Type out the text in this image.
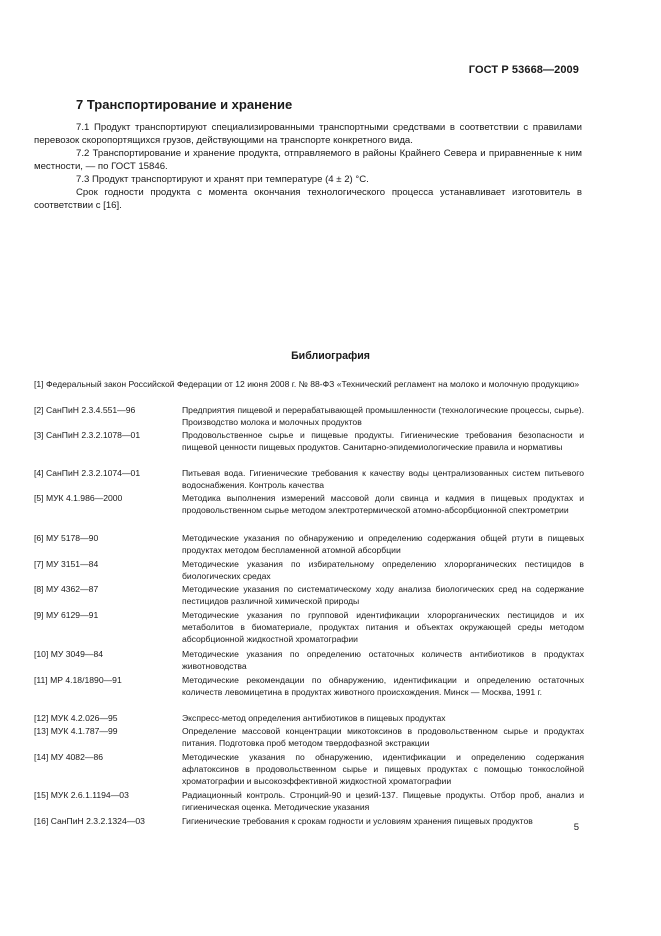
ГОСТ Р 53668—2009
7 Транспортирование и хранение
7.1 Продукт транспортируют специализированными транспортными средствами в соответствии с правилами перевозок скоропортящихся грузов, действующими на транспорте конкретного вида.
7.2 Транспортирование и хранение продукта, отправляемого в районы Крайнего Севера и приравненные к ним местности, — по ГОСТ 15846.
7.3 Продукт транспортируют и хранят при температуре (4 ± 2) °С.
Срок годности продукта с момента окончания технологического процесса устанавливает изготовитель в соответствии с [16].
Библиография
[1] Федеральный закон Российской Федерации от 12 июня 2008 г. № 88-ФЗ «Технический регламент на молоко и молочную продукцию»
[2] СанПиН 2.3.4.551—96	Предприятия пищевой и перерабатывающей промышленности (технологические процессы, сырье). Производство молока и молочных продуктов
[3] СанПиН 2.3.2.1078—01	Продовольственное сырье и пищевые продукты. Гигиенические требования безопасности и пищевой ценности пищевых продуктов. Санитарно-эпидемиологические правила и нормативы
[4] СанПиН 2.3.2.1074—01	Питьевая вода. Гигиенические требования к качеству воды централизованных систем питьевого водоснабжения. Контроль качества
[5] МУК 4.1.986—2000	Методика выполнения измерений массовой доли свинца и кадмия в пищевых продуктах и продовольственном сырье методом электротермической атомно-абсорбционной спектрометрии
[6] МУ 5178—90	Методические указания по обнаружению и определению содержания общей ртути в пищевых продуктах методом беспламенной атомной абсорбции
[7] МУ 3151—84	Методические указания по избирательному определению хлорорганических пестицидов в биологических средах
[8] МУ 4362—87	Методические указания по систематическому ходу анализа биологических сред на содержание пестицидов различной химической природы
[9] МУ 6129—91	Методические указания по групповой идентификации хлорорганических пестицидов и их метаболитов в биоматериале, продуктах питания и объектах окружающей среды методом абсорбционной жидкостной хроматографии
[10] МУ 3049—84	Методические указания по определению остаточных количеств антибиотиков в продуктах животноводства
[11] МР 4.18/1890—91	Методические рекомендации по обнаружению, идентификации и определению остаточных количеств левомицетина в продуктах животного происхождения. Минск — Москва, 1991 г.
[12] МУК 4.2.026—95	Экспресс-метод определения антибиотиков в пищевых продуктах
[13] МУК 4.1.787—99	Определение массовой концентрации микотоксинов в продовольственном сырье и продуктах питания. Подготовка проб методом твердофазной экстракции
[14] МУ 4082—86	Методические указания по обнаружению, идентификации и определению содержания афлатоксинов в продовольственном сырье и пищевых продуктах с помощью тонкослойной хроматографии и высокоэффективной жидкостной хроматографии
[15] МУК 2.6.1.1194—03	Радиационный контроль. Стронций-90 и цезий-137. Пищевые продукты. Отбор проб, анализ и гигиеническая оценка. Методические указания
[16] СанПиН 2.3.2.1324—03	Гигиенические требования к срокам годности и условиям хранения пищевых продуктов
5
